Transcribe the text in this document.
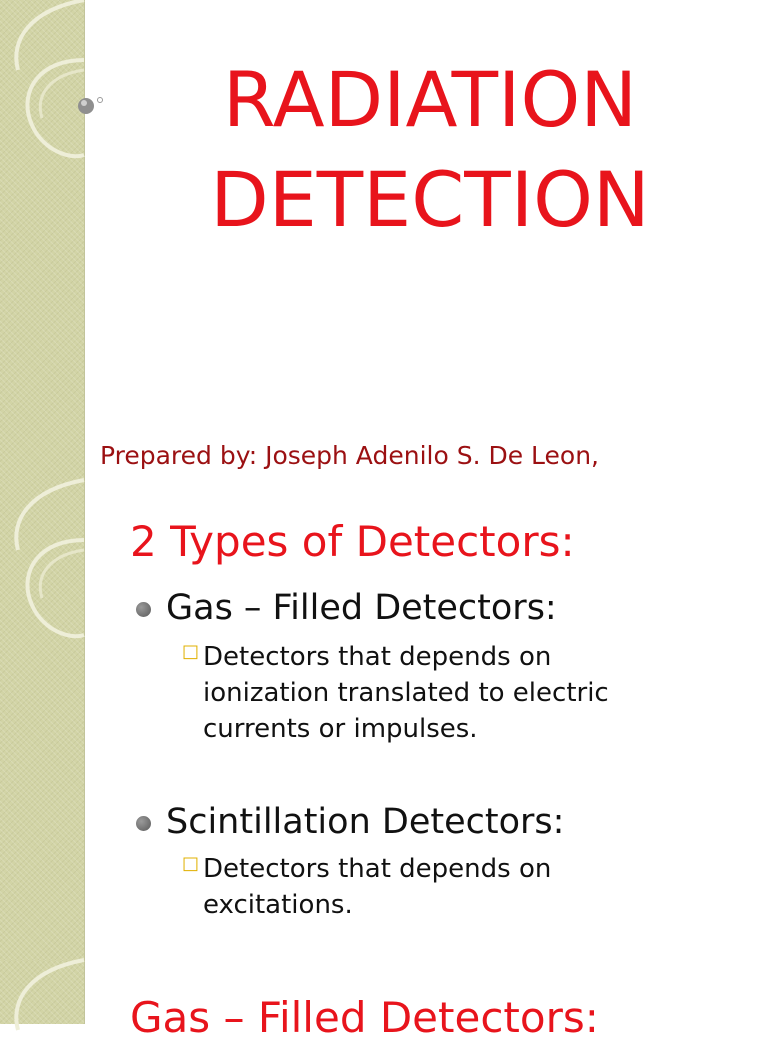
RADIATION
DETECTION
Prepared by: Joseph Adenilo S. De Leon,
2 Types of Detectors:
Gas – Filled Detectors:
□ Detectors that depends on
ionization translated to electric
currents or impulses.
Scintillation Detectors:
□ Detectors that depends on
excitations.
Gas – Filled Detectors:
